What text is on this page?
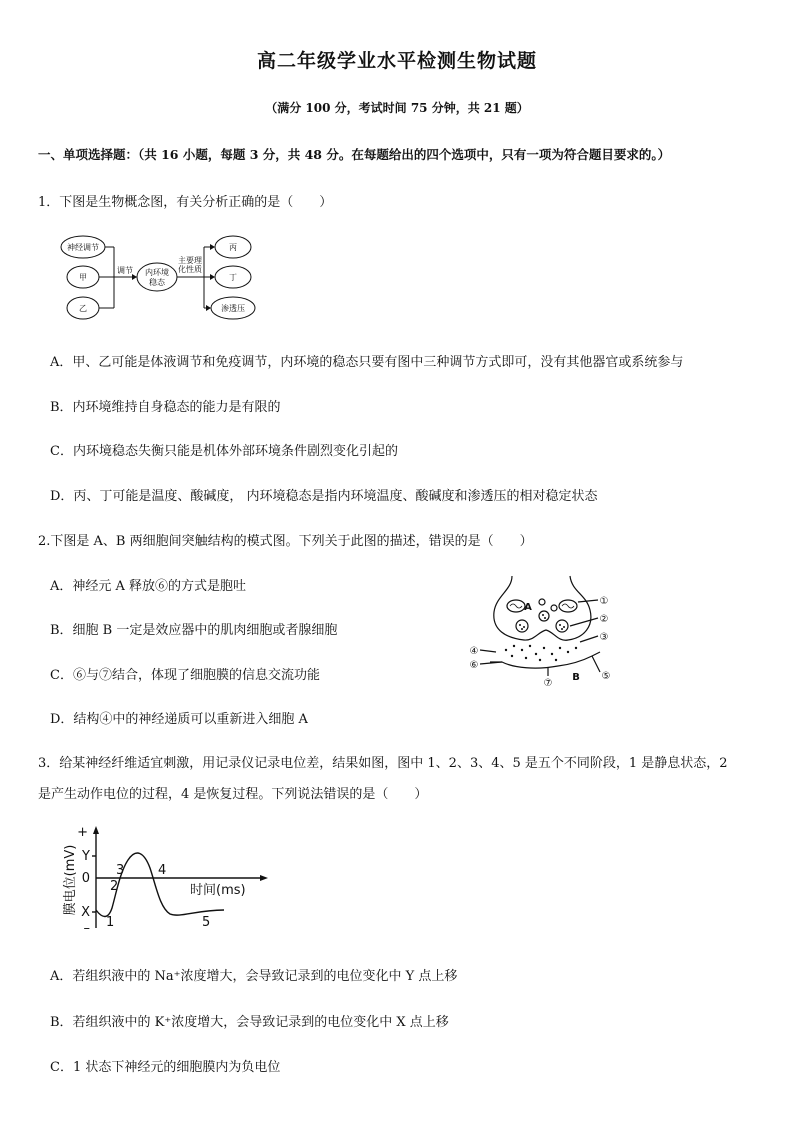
高二年级学业水平检测生物试题
（满分 100 分，考试时间 75 分钟，共 21 题）
一、单项选择题：（共 16 小题，每题 3 分，共 48 分。在每题给出的四个选项中，只有一项为符合题目要求的。）
1．下图是生物概念图，有关分析正确的是（　　）
神经调节
甲
乙
调节 内环境
稳态
主要理
化性质
丙
丁
渗透压
A．甲、乙可能是体液调节和免疫调节，内环境的稳态只要有图中三种调节方式即可，没有其他器官或系统参与
B．内环境维持自身稳态的能力是有限的
C．内环境稳态失衡只能是机体外部环境条件剧烈变化引起的
D．丙、丁可能是温度、酸碱度， 内环境稳态是指内环境温度、酸碱度和渗透压的相对稳定状态
2.下图是 A、B 两细胞间突触结构的模式图。下列关于此图的描述，错误的是（　　）
A．神经元 A 释放⑥的方式是胞吐
B．细胞 B 一定是效应器中的肌肉细胞或者腺细胞
C．⑥与⑦结合，体现了细胞膜的信息交流功能
D．结构④中的神经递质可以重新进入细胞 A
A
B
①
②
③
④
⑤
⑥
⑦
3．给某神经纤维适宜刺激，用记录仪记录电位差，结果如图，图中 1、2、3、4、5 是五个不同阶段，1 是静息状态，2
是产生动作电位的过程，4 是恢复过程。下列说法错误的是（　　）
+
Y
0
X
– 1
2
3	4
5
时间(ms)
膜电位(mV)
A．若组织液中的 Na⁺浓度增大，会导致记录到的电位变化中 Y 点上移
B．若组织液中的 K⁺浓度增大，会导致记录到的电位变化中 X 点上移
C．1 状态下神经元的细胞膜内为负电位
